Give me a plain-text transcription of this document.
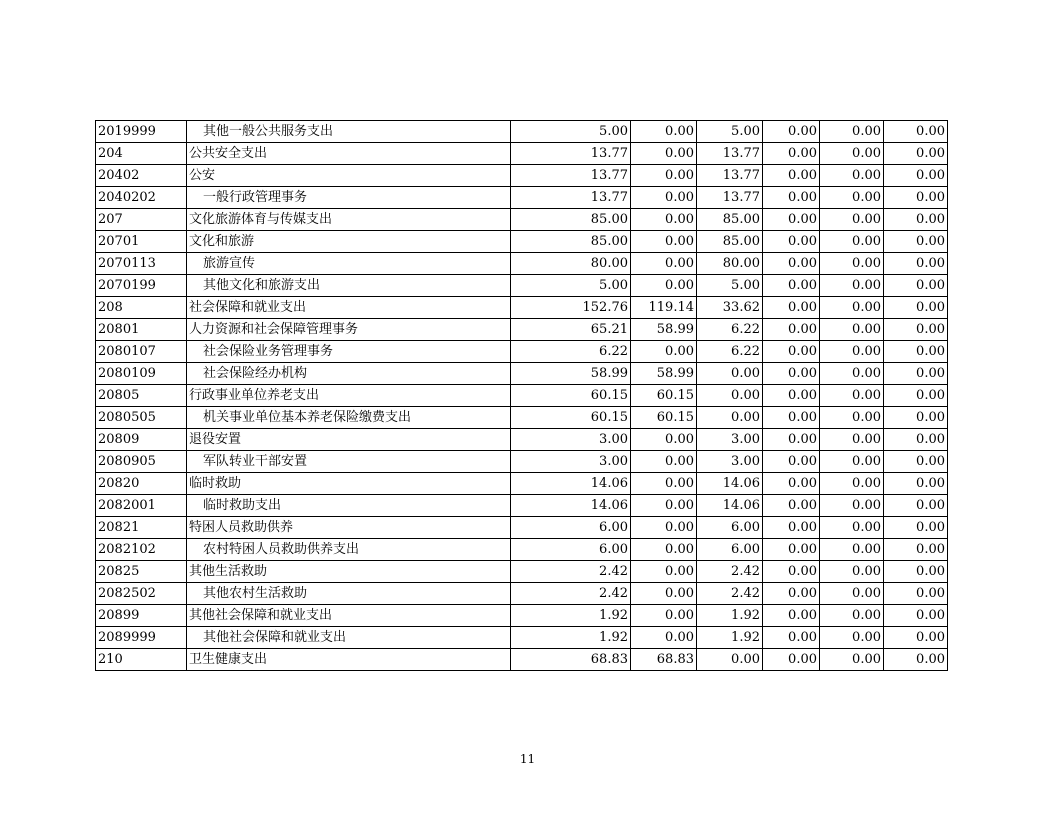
2019999	其他一般公共服务支出	5.00	0.00	5.00	0.00	0.00	0.00
204	公共安全支出	13.77	0.00	13.77	0.00	0.00	0.00
20402	公安	13.77	0.00	13.77	0.00	0.00	0.00
2040202	一般行政管理事务	13.77	0.00	13.77	0.00	0.00	0.00
207	文化旅游体育与传媒支出	85.00	0.00	85.00	0.00	0.00	0.00
20701	文化和旅游	85.00	0.00	85.00	0.00	0.00	0.00
2070113	旅游宣传	80.00	0.00	80.00	0.00	0.00	0.00
2070199	其他文化和旅游支出	5.00	0.00	5.00	0.00	0.00	0.00
208	社会保障和就业支出	152.76	119.14	33.62	0.00	0.00	0.00
20801	人力资源和社会保障管理事务	65.21	58.99	6.22	0.00	0.00	0.00
2080107	社会保险业务管理事务	6.22	0.00	6.22	0.00	0.00	0.00
2080109	社会保险经办机构	58.99	58.99	0.00	0.00	0.00	0.00
20805	行政事业单位养老支出	60.15	60.15	0.00	0.00	0.00	0.00
2080505	机关事业单位基本养老保险缴费支出	60.15	60.15	0.00	0.00	0.00	0.00
20809	退役安置	3.00	0.00	3.00	0.00	0.00	0.00
2080905	军队转业干部安置	3.00	0.00	3.00	0.00	0.00	0.00
20820	临时救助	14.06	0.00	14.06	0.00	0.00	0.00
2082001	临时救助支出	14.06	0.00	14.06	0.00	0.00	0.00
20821	特困人员救助供养	6.00	0.00	6.00	0.00	0.00	0.00
2082102	农村特困人员救助供养支出	6.00	0.00	6.00	0.00	0.00	0.00
20825	其他生活救助	2.42	0.00	2.42	0.00	0.00	0.00
2082502	其他农村生活救助	2.42	0.00	2.42	0.00	0.00	0.00
20899	其他社会保障和就业支出	1.92	0.00	1.92	0.00	0.00	0.00
2089999	其他社会保障和就业支出	1.92	0.00	1.92	0.00	0.00	0.00
210	卫生健康支出	68.83	68.83	0.00	0.00	0.00	0.00
11
